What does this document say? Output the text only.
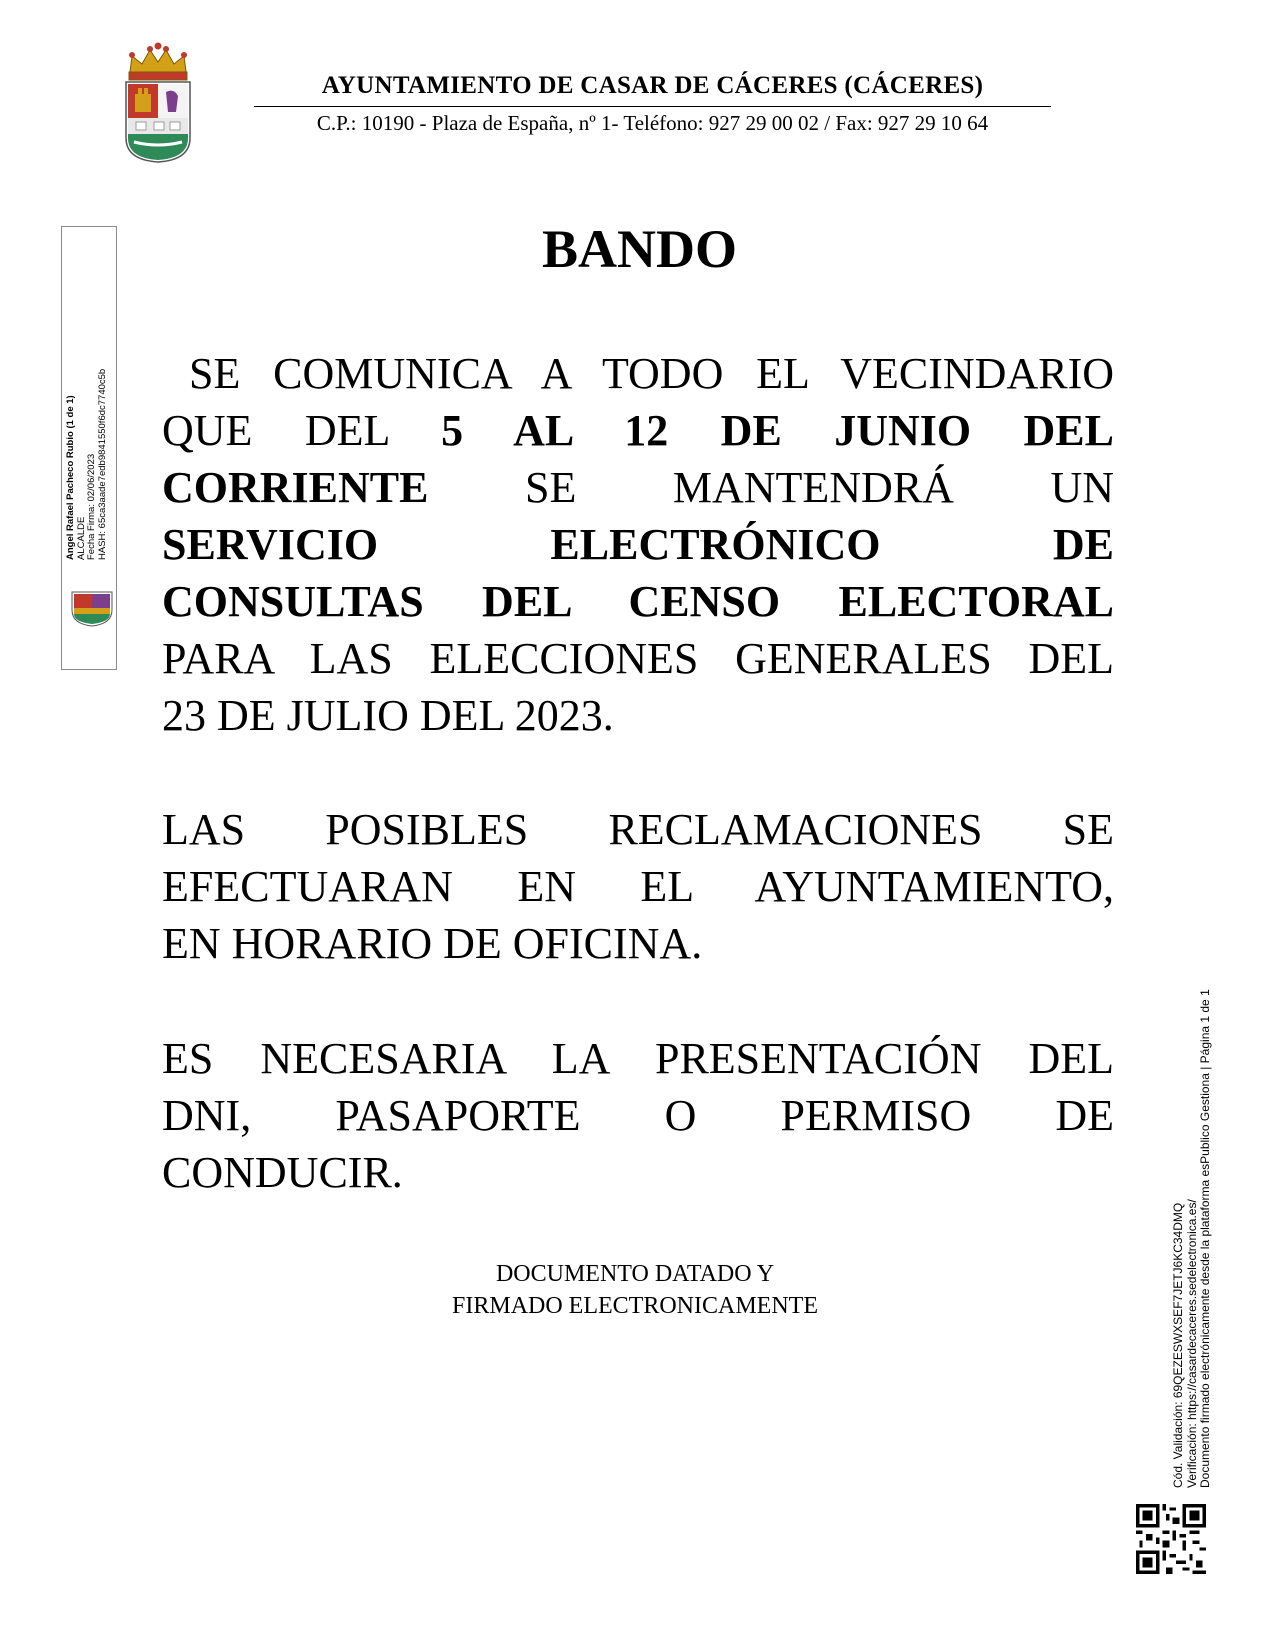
AYUNTAMIENTO DE CASAR DE CÁCERES (CÁCERES)
C.P.: 10190 - Plaza de España, nº 1- Teléfono: 927 29 00 02 / Fax: 927 29 10 64
Angel Rafael Pacheco Rubio (1 de 1) ALCALDE Fecha Firma: 02/06/2023 HASH: 65ca3aade7edb9841550f6dc7740c5b
BANDO
SE COMUNICA A TODO EL VECINDARIO
QUE DEL 5 AL 12 DE JUNIO DEL
CORRIENTE SE MANTENDRÁ UN
SERVICIO ELECTRÓNICO DE
CONSULTAS DEL CENSO ELECTORAL
PARA LAS ELECCIONES GENERALES DEL
23 DE JULIO DEL 2023.
LAS POSIBLES RECLAMACIONES SE
EFECTUARAN EN EL AYUNTAMIENTO,
EN HORARIO DE OFICINA.
ES NECESARIA LA PRESENTACIÓN DEL
DNI, PASAPORTE O PERMISO DE
CONDUCIR.
DOCUMENTO DATADO Y
FIRMADO ELECTRONICAMENTE	Cód. Validación: 69QEZESWXSEF7JETJ6KC34DMQ Verificación: https://casardecaceres.sedelectronica.es/ Documento firmado electrónicamente desde la plataforma esPublico Gestiona | Página 1 de 1
